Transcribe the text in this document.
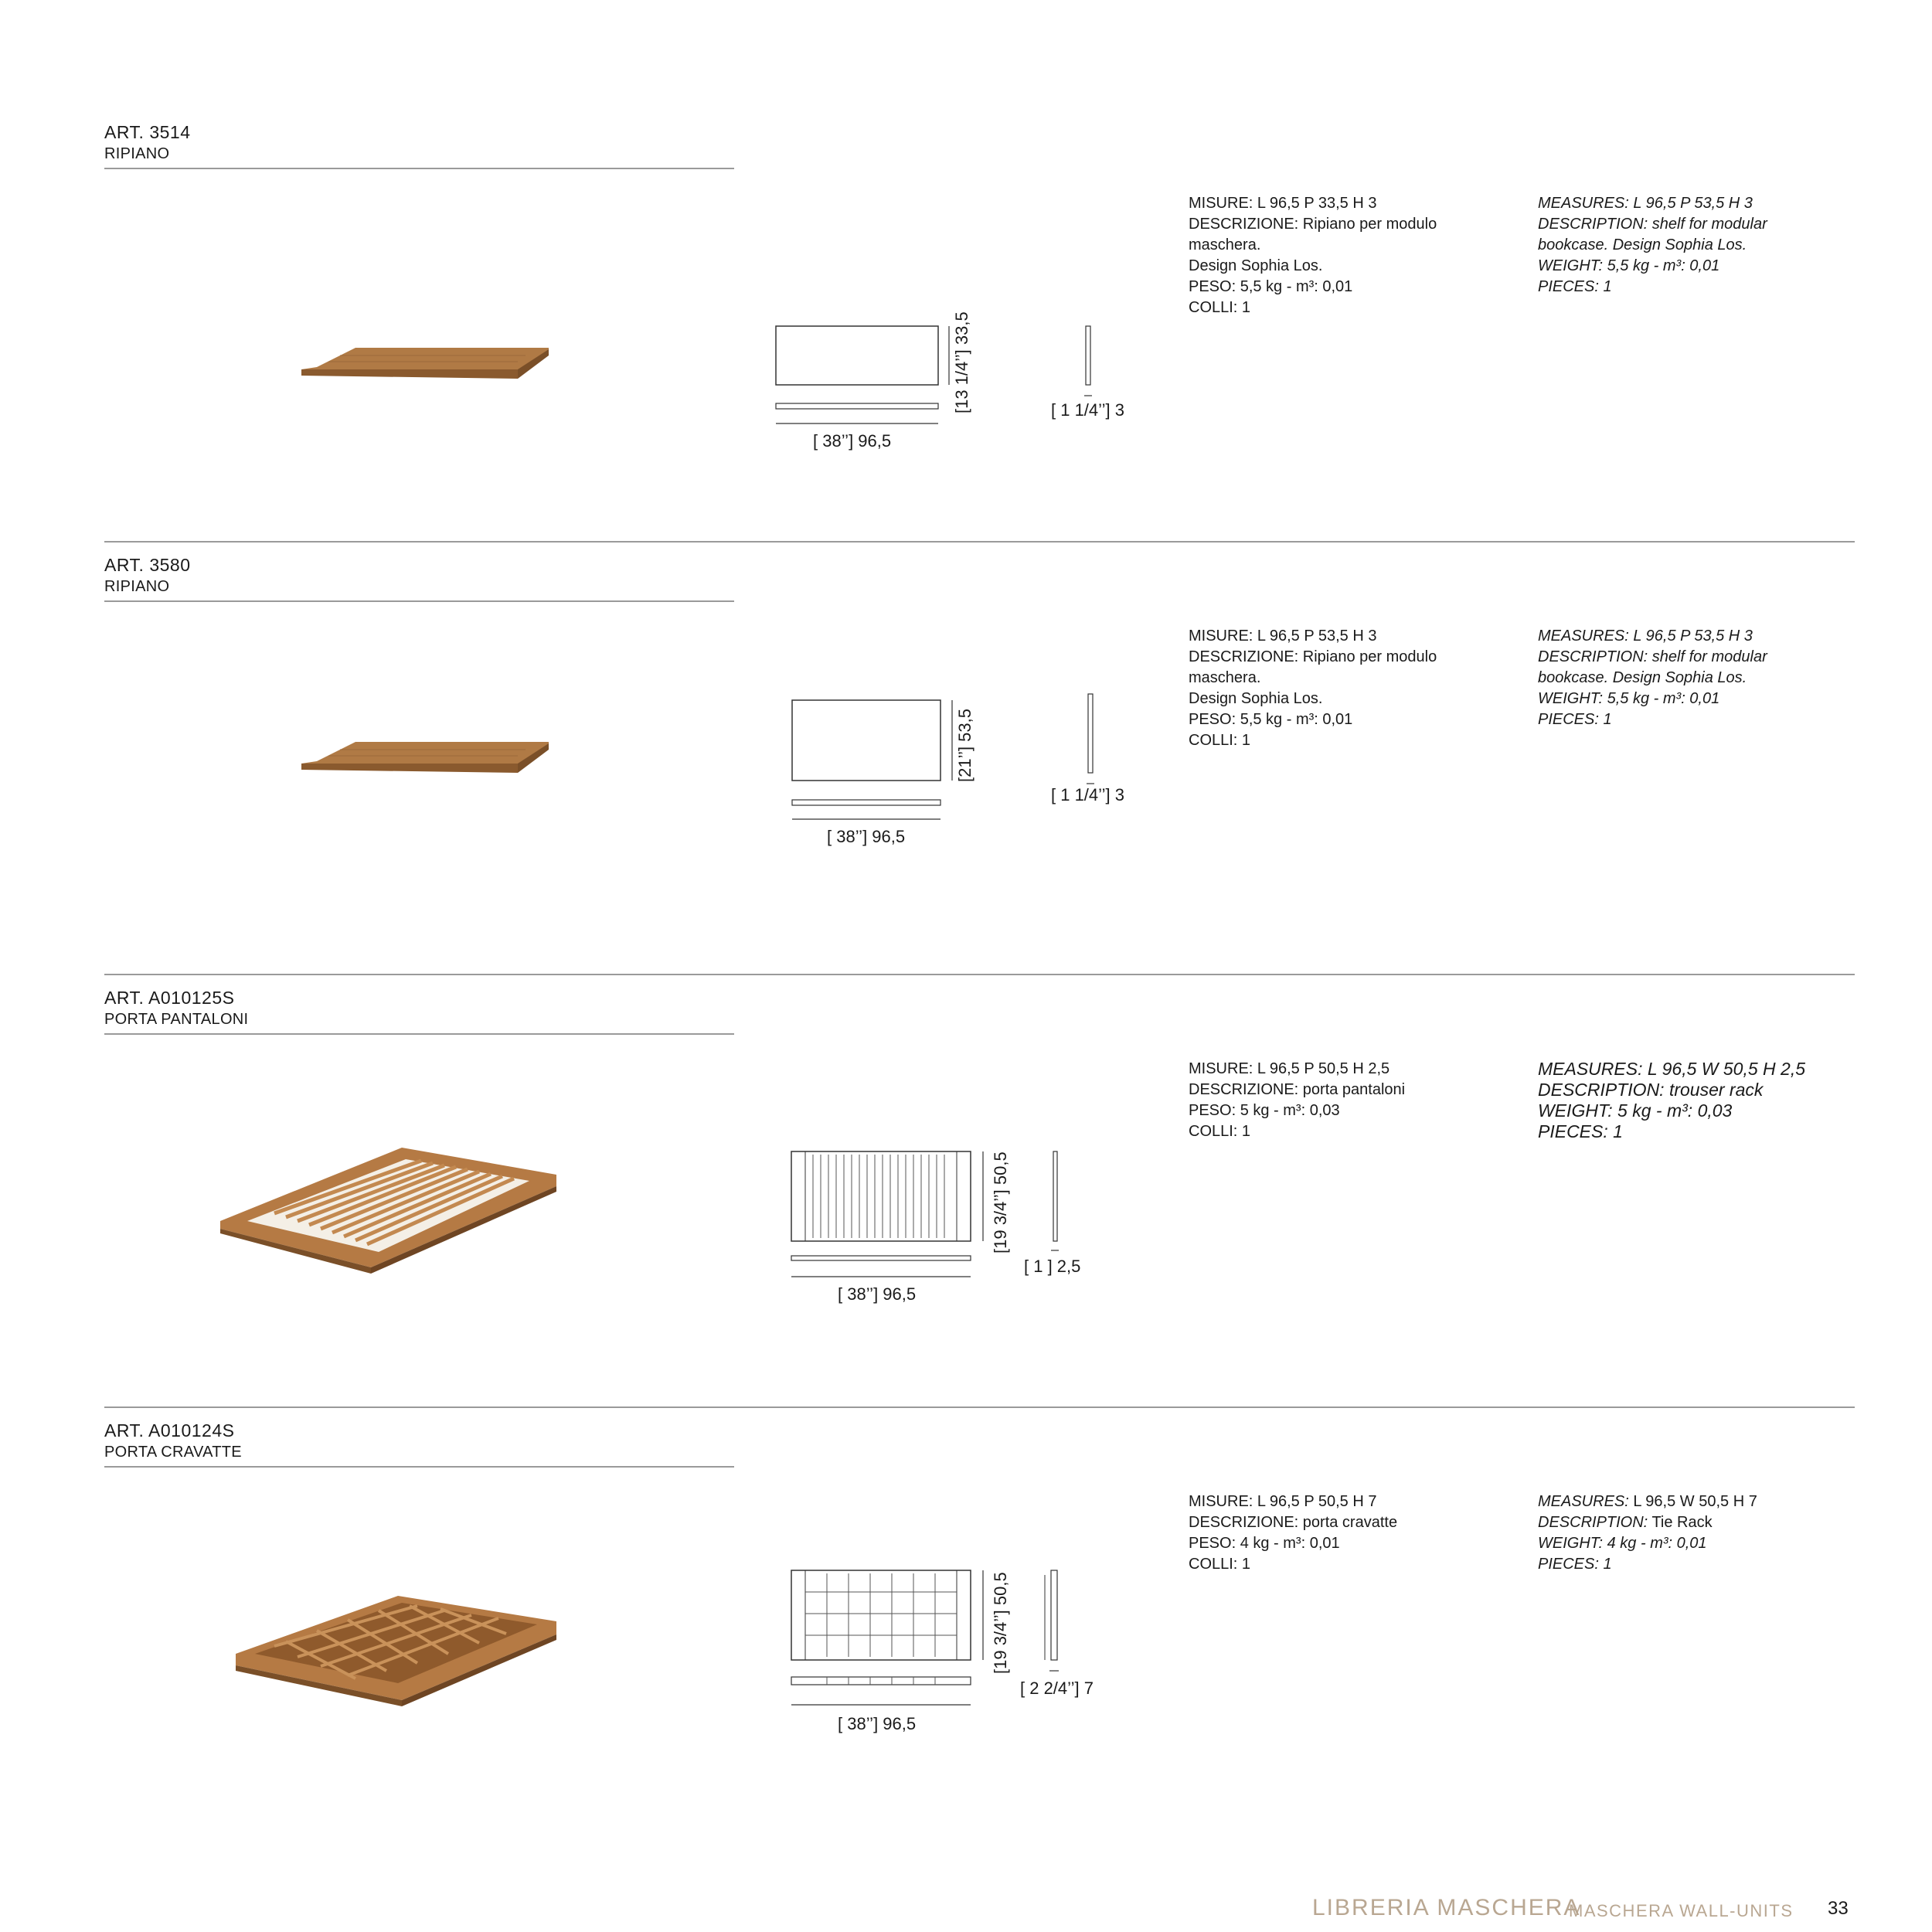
ART. 3514
RIPIANO
MISURE: L 96,5 P 33,5 H 3
DESCRIZIONE: Ripiano per modulo
maschera.
Design Sophia Los.
PESO: 5,5 kg - m³: 0,01
COLLI: 1
MEASURES: L 96,5 P 53,5 H 3
DESCRIPTION: shelf for modular
bookcase. Design Sophia Los.
WEIGHT: 5,5 kg - m³: 0,01
PIECES: 1
[ 38’’] 96,5
[13 1/4’’] 33,5	[ 1 1/4’’] 3
ART. 3580
RIPIANO
MISURE: L 96,5 P 53,5 H 3
DESCRIZIONE: Ripiano per modulo
maschera.
Design Sophia Los.
PESO: 5,5 kg - m³: 0,01
COLLI: 1
MEASURES: L 96,5 P 53,5 H 3
DESCRIPTION: shelf for modular
bookcase. Design Sophia Los.
WEIGHT: 5,5 kg - m³: 0,01
PIECES: 1
[ 38’’] 96,5
[21’’] 53,5
[ 1 1/4’’] 3
ART. A010125S
PORTA PANTALONI
MISURE: L 96,5 P 50,5 H 2,5
DESCRIZIONE: porta pantaloni
PESO: 5 kg - m³: 0,03
COLLI: 1
MEASURES: L 96,5 W 50,5 H 2,5
DESCRIPTION: trouser rack
WEIGHT: 5 kg - m³: 0,03
PIECES: 1
[ 38’’] 96,5
[19 3/4’’] 50,5
[ 1 ] 2,5
ART. A010124S
PORTA CRAVATTE
MISURE: L 96,5 P 50,5 H 7
DESCRIZIONE: porta cravatte
PESO: 4 kg - m³: 0,01
COLLI: 1
MEASURES: L 96,5 W 50,5 H 7
DESCRIPTION: Tie Rack
WEIGHT: 4 kg - m³: 0,01
PIECES: 1
[ 38’’] 96,5
[19 3/4’’] 50,5
[ 2 2/4’’] 7
LIBRERIA MASCHERA
MASCHERA WALL-UNITS 33
